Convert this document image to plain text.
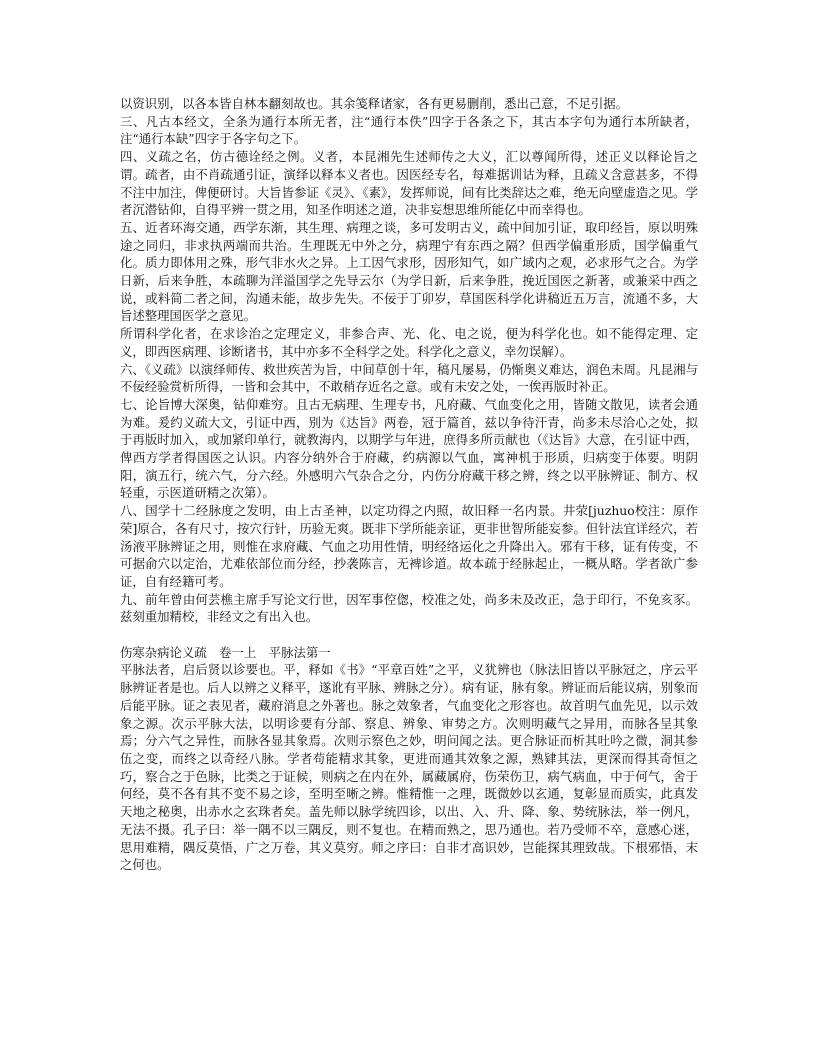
以资识别，以各本皆自林本翻刻故也。其余笺释诸家，各有更易删削，悉出己意，不足引据。

三、凡古本经文，全条为通行本所无者，注“通行本佚”四字于各条之下，其古本字句为通行本所缺者，注“通行本缺”四字于各字句之下。

四、义疏之名，仿古德诠经之例。义者，本昆湘先生述师传之大义，汇以尊闻所得，述正义以释论旨之谓。疏者，由不肖疏通引证，演绎以释本义者也。因医经专名，每难据训诂为释，且疏义含意甚多，不得不注中加注，俾便研讨。大旨皆参证《灵》、《素》，发挥师说，间有比类辞达之难，绝无向壁虚造之见。学者沉潜钻仰，自得平辨一贯之用，知圣作明述之道，决非妄想思维所能亿中而幸得也。

五、近者环海交通，西学东渐，其生理、病理之谈，多可发明古义，疏中间加引证，取印经旨，原以明殊途之同归，非求执两端而共治。生理既无中外之分，病理宁有东西之隔？但西学偏重形质，国学偏重气化。质力即体用之殊，形气非水火之异。上工因气求形，因形知气，如广域内之观，必求形气之合。为学日新，后来争胜，本疏聊为洋溢国学之先导云尔（为学日新，后来争胜，挽近国医之新著，或兼采中西之说，或料简二者之间，沟通未能，故步先失。不佞于丁卯岁，草国医科学化讲稿近五万言，流通不多，大旨述整理国医学之意见。

所谓科学化者，在求诊治之定理定义，非参合声、光、化、电之说，便为科学化也。如不能得定理、定义，即西医病理、诊断诸书，其中亦多不全科学之处。科学化之意义，幸勿误解）。

六、《义疏》以演绎师传、救世疾苦为旨，中间草创十年，稿凡屡易，仍惭奥义难达，润色未周。凡昆湘与不佞经验赏析所得，一皆和会其中，不敢稍存近名之意。或有未安之处，一俟再版时补正。

七、论旨博大深奥，钻仰难穷。且古无病理、生理专书，凡府藏、气血变化之用，皆随文散见，读者会通为难。爰约义疏大文，引证中西，别为《达旨》两卷，冠于篇首，兹以争待汗青，尚多未尽洽心之处，拟于再版时加入，或加紧印单行，就教海内，以期学与年进，庶得多所贡献也（《达旨》大意，在引证中西，俾西方学者得国医之认识。内容分纳外合于府藏，约病源以气血，寓神机于形质，归病变于体要。明阴阳，演五行，统六气，分六经。外感明六气杂合之分，内伤分府藏干移之辨，终之以平脉辨证、制方、权轻重，示医道研精之次第）。

八、国学十二经脉度之发明，由上古圣神，以定功得之内照，故旧释一名内景。井荥[juzhuo校注：原作荣]原合，各有尺寸，按穴行针，历验无爽。既非下学所能亲证，更非世智所能妄参。但针法宜详经穴，若汤液平脉辨证之用，则惟在求府藏、气血之功用性情，明经络运化之升降出入。邪有干移，证有传变，不可据俞穴以定治，尤难依部位而分经，抄袭陈言，无裨诊道。故本疏于经脉起止，一概从略。学者欲广参证，自有经籍可考。

九、前年曾由何芸樵主席手写论文行世，因军事倥偬，校准之处，尚多未及改正，急于印行，不免亥豕。兹刻重加精校，非经文之有出入也。

伤寒杂病论义疏　卷一上　平脉法第一

平脉法者，启后贤以诊要也。平，释如《书》“平章百姓”之平，义犹辨也（脉法旧皆以平脉冠之，序云平脉辨证者是也。后人以辨之义释平，遂讹有平脉、辨脉之分）。病有证，脉有象。辨证而后能议病，别象而后能平脉。证之表见者，藏府消息之外著也。脉之效象者，气血变化之形容也。故首明气血先见，以示效象之源。次示平脉大法，以明诊要有分部、察息、辨象、审势之方。次则明藏气之异用，而脉各呈其象焉；分六气之异性，而脉各显其象焉。次则示察色之妙，明问闻之法。更合脉证而析其吐吟之微，洞其参伍之变，而终之以奇经八脉。学者苟能精求其象，更进而通其效象之源，熟肄其法，更深而得其奇恒之巧，察合之于色脉，比类之于证候，则病之在内在外，属藏属府，伤荣伤卫，病气病血，中于何气，舍于何经，莫不各有其不变不易之诊，至明至晰之辨。惟精惟一之理，既微妙以玄通，复彰显而质实，此真发天地之秘奥，出赤水之玄珠者矣。盖先师以脉学统四诊，以出、入、升、降、象、势统脉法，举一例凡，无法不摄。孔子曰：举一隅不以三隅反，则不复也。在精而熟之，思乃通也。若乃受师不卒，意感心迷，思用难精，隅反莫悟，广之万卷，其义莫穷。师之序曰：自非才高识妙，岂能探其理致哉。下根邪悟，末之何也。
